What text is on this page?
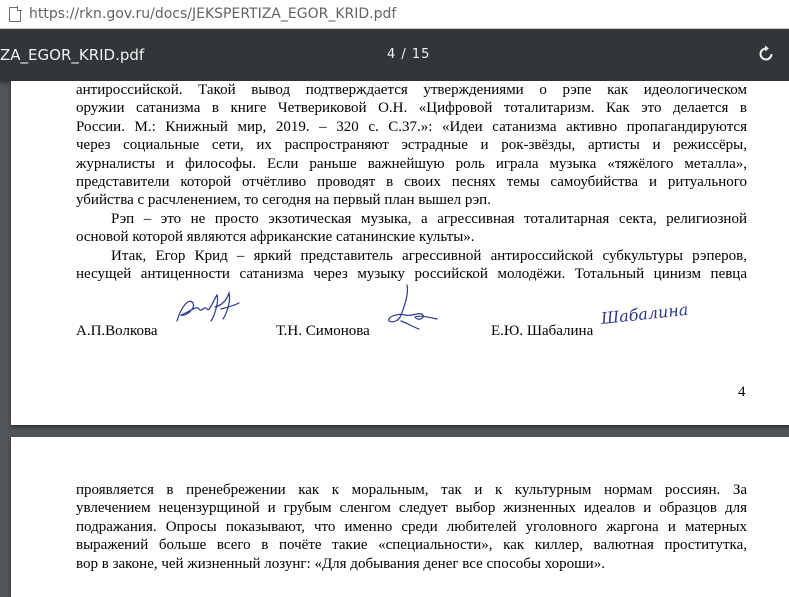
https://rkn.gov.ru /docs/JEKSPERTIZA_EGOR_KRID.pdf
ZA_EGOR_KRID.pdf	4 / 15
антироссийской. Такой вывод подтверждается утверждениями о рэпе как идеологическом
оружии сатанизма в книге Четвериковой О.Н. «Цифровой тоталитаризм. Как это делается в
России. М.: Книжный мир, 2019. – 320 с. С.37.»: «Идеи сатанизма активно пропагандируются
через социальные сети, их распространяют эстрадные и рок-звёзды, артисты и режиссёры,
журналисты и философы. Если раньше важнейшую роль играла музыка «тяжёлого металла»,
представители которой отчётливо проводят в своих песнях темы самоубийства и ритуального
убийства с расчленением, то сегодня на первый план вышел рэп.
Рэп – это не просто экзотическая музыка, а агрессивная тоталитарная секта, религиозной
основой которой являются африканские сатанинские культы».
Итак, Егор Крид – яркий представитель агрессивной антироссийской субкультуры рэперов,
несущей антиценности сатанизма через музыку российской молодёжи. Тотальный цинизм певца
А.П.Волкова	Т.Н. Симонова	Е.Ю. Шабалина
Шабалина
4
проявляется в пренебрежении как к моральным, так и к культурным нормам россиян. За
увлечением нецензурщиной и грубым сленгом следует выбор жизненных идеалов и образцов для
подражания. Опросы показывают, что именно среди любителей уголовного жаргона и матерных
выражений больше всего в почёте такие «специальности», как киллер, валютная проститутка,
вор в законе, чей жизненный лозунг: «Для добывания денег все способы хороши».
